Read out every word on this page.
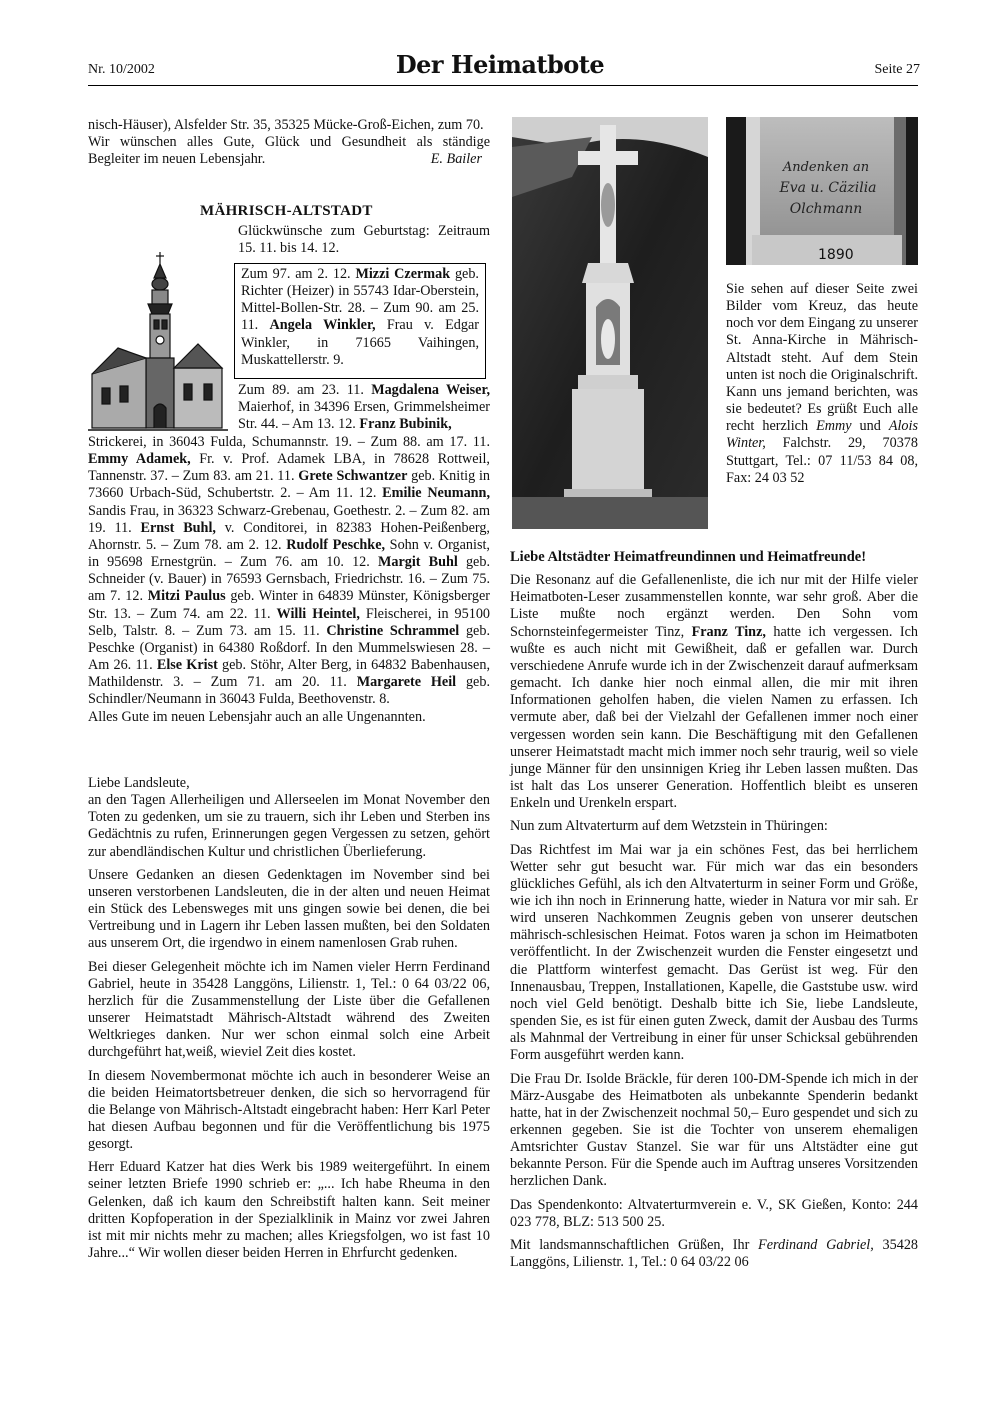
Nr. 10/2002	Der Heimatbote	Seite 27

nisch-Häuser), Alsfelder Str. 35, 35325 Mücke-Groß-Eichen, zum 70.

Wir wünschen alles Gute, Glück und Gesundheit als ständige Begleiter im neuen Lebensjahr.	E. Bailer

MÄHRISCH-ALTSTADT
Glückwünsche zum Geburtstag: Zeitraum 15. 11. bis 14. 12.
Zum 97. am 2. 12. Mizzi Czermak geb. Richter (Heizer) in 55743 Idar-Oberstein, Mittel-Bollen-Str. 28. – Zum 90. am 25. 11. Angela Winkler, Frau v. Edgar Winkler, in 71665 Vaihingen, Muskattellerstr. 9.
Zum 89. am 23. 11. Magdalena Weiser, Maierhof, in 34396 Ersen, Grimmelsheimer Str. 44. – Am 13. 12. Franz Bubinik,
Strickerei, in 36043 Fulda, Schumannstr. 19. – Zum 88. am 17. 11. Emmy Adamek, Fr. v. Prof. Adamek LBA, in 78628 Rottweil, Tannenstr. 37. – Zum 83. am 21. 11. Grete Schwantzer geb. Knitig in 73660 Urbach-Süd, Schubertstr. 2. – Am 11. 12. Emilie Neumann, Sandis Frau, in 36323 Schwarz-Grebenau, Goethestr. 2. – Zum 82. am 19. 11. Ernst Buhl, v. Conditorei, in 82383 Hohen-Peißenberg, Ahornstr. 5. – Zum 78. am 2. 12. Rudolf Peschke, Sohn v. Organist, in 95698 Ernestgrün. – Zum 76. am 10. 12. Margit Buhl geb. Schneider (v. Bauer) in 76593 Gernsbach, Friedrichstr. 16. – Zum 75. am 7. 12. Mitzi Paulus geb. Winter in 64839 Münster, Königsberger Str. 13. – Zum 74. am 22. 11. Willi Heintel, Fleischerei, in 95100 Selb, Talstr. 8. – Zum 73. am 15. 11. Christine Schrammel geb. Peschke (Organist) in 64380 Roßdorf. In den Mummelswiesen 28. – Am 26. 11. Else Krist geb. Stöhr, Alter Berg, in 64832 Babenhausen, Mathildenstr. 3. – Zum 71. am 20. 11. Margarete Heil geb. Schindler/Neumann in 36043 Fulda, Beethovenstr. 8.

Alles Gute im neuen Lebensjahr auch an alle Ungenannten.

Liebe Landsleute,

an den Tagen Allerheiligen und Allerseelen im Monat November den Toten zu gedenken, um sie zu trauern, sich ihr Leben und Sterben ins Gedächtnis zu rufen, Erinnerungen gegen Vergessen zu setzen, gehört zur abendländischen Kultur und christlichen Überlieferung.

Unsere Gedanken an diesen Gedenktagen im November sind bei unseren verstorbenen Landsleuten, die in der alten und neuen Heimat ein Stück des Lebensweges mit uns gingen sowie bei denen, die bei Vertreibung und in Lagern ihr Leben lassen mußten, bei den Soldaten aus unserem Ort, die irgendwo in einem namenlosen Grab ruhen.

Bei dieser Gelegenheit möchte ich im Namen vieler Herrn Ferdinand Gabriel, heute in 35428 Langgöns, Lilienstr. 1, Tel.: 0 64 03/22 06, herzlich für die Zusammenstellung der Liste über die Gefallenen unserer Heimatstadt Mährisch-Altstadt während des Zweiten Weltkrieges danken. Nur wer schon einmal solch eine Arbeit durchgeführt hat,weiß, wieviel Zeit dies kostet.

In diesem Novembermonat möchte ich auch in besonderer Weise an die beiden Heimatortsbetreuer denken, die sich so hervorragend für die Belange von Mährisch-Altstadt eingebracht haben: Herr Karl Peter hat diesen Aufbau begonnen und für die Veröffentlichung bis 1975 gesorgt.

Herr Eduard Katzer hat dies Werk bis 1989 weitergeführt. In einem seiner letzten Briefe 1990 schrieb er: „... Ich habe Rheuma in den Gelenken, daß ich kaum den Schreibstift halten kann. Seit meiner dritten Kopfoperation in der Spezialklinik in Mainz vor zwei Jahren ist mit mir nichts mehr zu machen; alles Kriegsfolgen, wo ist fast 10 Jahre...“ Wir wollen dieser beiden Herren in Ehrfurcht gedenken.

Andenken an
Eva u. Cäzilia
Olchmann
1890
Sie sehen auf dieser Seite zwei Bilder vom Kreuz, das heute noch vor dem Eingang zu unserer St. Anna-Kirche in Mährisch-Altstadt steht. Auf dem Stein unten ist noch die Originalschrift. Kann uns jemand berichten, was sie bedeutet? Es grüßt Euch alle recht herzlich Emmy und Alois Winter, Falchstr. 29, 70378 Stuttgart, Tel.: 07 11/53 84 08, Fax: 24 03 52

Liebe Altstädter Heimatfreundinnen und Heimatfreunde!

Die Resonanz auf die Gefallenenliste, die ich nur mit der Hilfe vieler Heimatboten-Leser zusammenstellen konnte, war sehr groß. Aber die Liste mußte noch ergänzt werden. Den Sohn vom Schornsteinfegermeister Tinz, Franz Tinz, hatte ich vergessen. Ich wußte es auch nicht mit Gewißheit, daß er gefallen war. Durch verschiedene Anrufe wurde ich in der Zwischenzeit darauf aufmerksam gemacht. Ich danke hier noch einmal allen, die mir mit ihren Informationen geholfen haben, die vielen Namen zu erfassen. Ich vermute aber, daß bei der Vielzahl der Gefallenen immer noch einer vergessen worden sein kann. Die Beschäftigung mit den Gefallenen unserer Heimatstadt macht mich immer noch sehr traurig, weil so viele junge Männer für den unsinnigen Krieg ihr Leben lassen mußten. Das ist halt das Los unserer Generation. Hoffentlich bleibt es unseren Enkeln und Urenkeln erspart.

Nun zum Altvaterturm auf dem Wetzstein in Thüringen:

Das Richtfest im Mai war ja ein schönes Fest, das bei herrlichem Wetter sehr gut besucht war. Für mich war das ein besonders glückliches Gefühl, als ich den Altvaterturm in seiner Form und Größe, wie ich ihn noch in Erinnerung hatte, wieder in Natura vor mir sah. Er wird unseren Nachkommen Zeugnis geben von unserer deutschen mährisch-schlesischen Heimat. Fotos waren ja schon im Heimatboten veröffentlicht. In der Zwischenzeit wurden die Fenster eingesetzt und die Plattform winterfest gemacht. Das Gerüst ist weg. Für den Innenausbau, Treppen, Installationen, Kapelle, die Gaststube usw. wird noch viel Geld benötigt. Deshalb bitte ich Sie, liebe Landsleute, spenden Sie, es ist für einen guten Zweck, damit der Ausbau des Turms als Mahnmal der Vertreibung in einer für unser Schicksal gebührenden Form ausgeführt werden kann.

Die Frau Dr. Isolde Bräckle, für deren 100-DM-Spende ich mich in der März-Ausgabe des Heimatboten als unbekannte Spenderin bedankt hatte, hat in der Zwischenzeit nochmal 50,– Euro gespendet und sich zu erkennen gegeben. Sie ist die Tochter von unserem ehemaligen Amtsrichter Gustav Stanzel. Sie war für uns Altstädter eine gut bekannte Person. Für die Spende auch im Auftrag unseres Vorsitzenden herzlichen Dank.

Das Spendenkonto: Altvaterturmverein e. V., SK Gießen, Konto: 244 023 778, BLZ: 513 500 25.

Mit landsmannschaftlichen Grüßen, Ihr Ferdinand Gabriel, 35428 Langgöns, Lilienstr. 1, Tel.: 0 64 03/22 06
